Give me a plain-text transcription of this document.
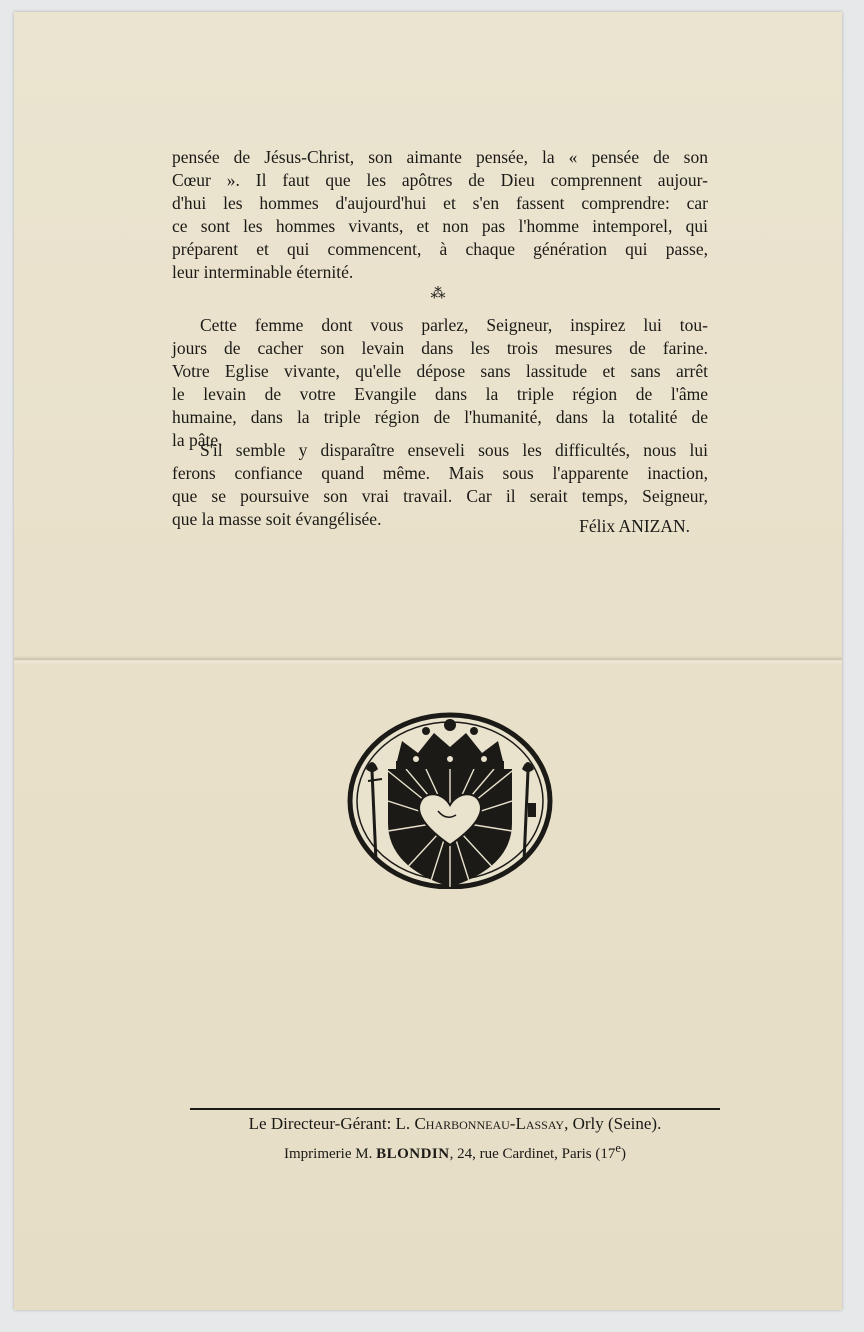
pensée de Jésus-Christ, son aimante pensée, la « pensée de son
Cœur ». Il faut que les apôtres de Dieu comprennent aujour-
d'hui les hommes d'aujourd'hui et s'en fassent comprendre: car
ce sont les hommes vivants, et non pas l'homme intemporel, qui
préparent et qui commencent, à chaque génération qui passe,
leur interminable éternité.

⁂

Cette femme dont vous parlez, Seigneur, inspirez lui tou-
jours de cacher son levain dans les trois mesures de farine.
Votre Eglise vivante, qu'elle dépose sans lassitude et sans arrêt
le levain de votre Evangile dans la triple région de l'âme
humaine, dans la triple région de l'humanité, dans la totalité de
la pâte.

S'il semble y disparaître enseveli sous les difficultés, nous lui
ferons confiance quand même. Mais sous l'apparente inaction,
que se poursuive son vrai travail. Car il serait temps, Seigneur,
que la masse soit évangélisée.	Félix ANIZAN.
Le Directeur-Gérant: L. Charbonneau-Lassay, Orly (Seine).
Imprimerie M. BLONDIN, 24, rue Cardinet, Paris (17e)
